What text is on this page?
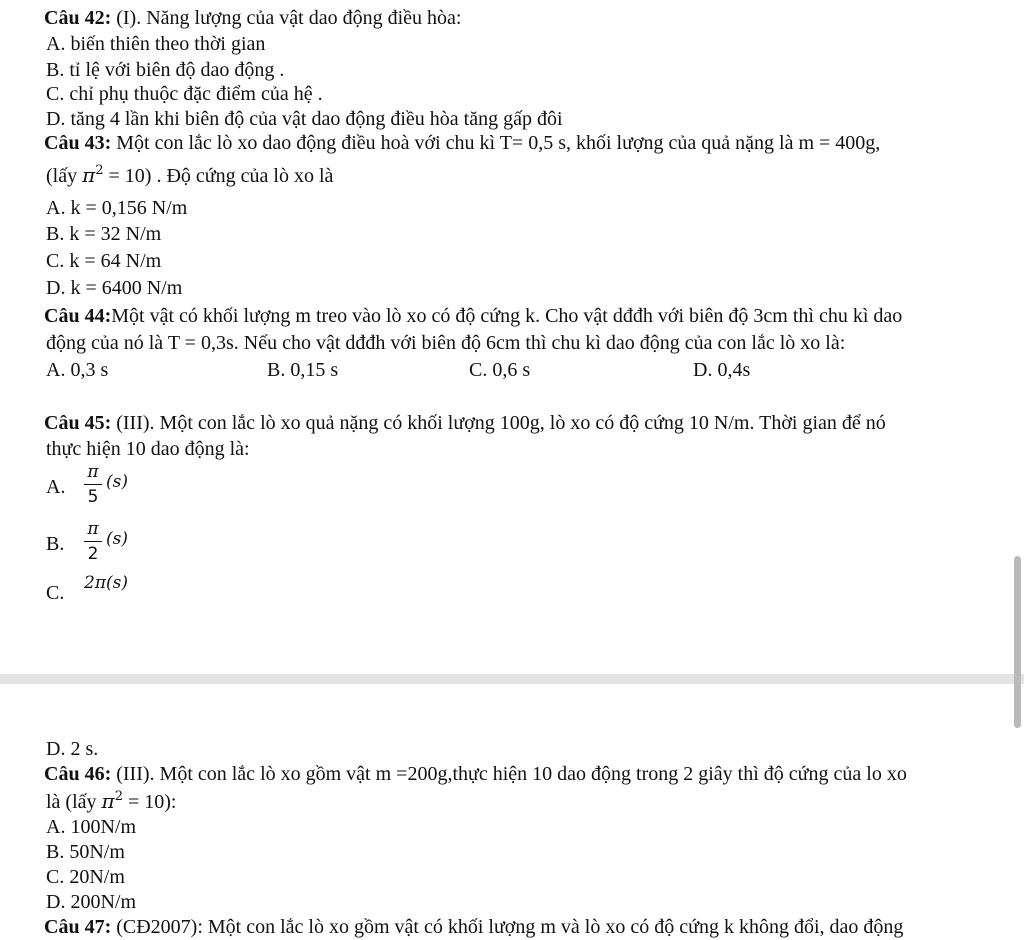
Câu 42: (I). Năng lượng của vật dao động điều hòa:
A. biến thiên theo thời gian
B. tỉ lệ với biên độ dao động .
C. chỉ phụ thuộc đặc điểm của hệ .
D. tăng 4 lần khi biên độ của vật dao động điều hòa tăng gấp đôi
Câu 43: Một con lắc lò xo dao động điều hoà với chu kì T= 0,5 s, khối lượng của quả nặng là m = 400g,
(lấy $\pi^2 = 10$) . Độ cứng của lò xo là
A. k = 0,156 N/m
B. k = 32 N/m
C. k = 64 N/m
D. k = 6400 N/m
Câu 44:Một vật có khối lượng m treo vào lò xo có độ cứng k. Cho vật dđđh với biên độ 3cm thì chu kì dao
động của nó là T = 0,3s. Nếu cho vật dđđh với biên độ 6cm thì chu kì dao động của con lắc lò xo là:
A. 0,3 s	B. 0,15 s	C. 0,6 s	D. 0,4s
Câu 45: (III). Một con lắc lò xo quả nặng có khối lượng 100g, lò xo có độ cứng 10 N/m. Thời gian để nó
thực hiện 10 dao động là:
A.
π
5
(s)
B.
π
2
(s)
C. 2π(s)
D. 2 s.
Câu 46: (III). Một con lắc lò xo gồm vật m =200g,thực hiện 10 dao động trong 2 giây thì độ cứng của lo xo
là (lấy $\pi^2 = 10$):
A. 100N/m
B. 50N/m
C. 20N/m
D. 200N/m
Câu 47: (CĐ2007): Một con lắc lò xo gồm vật có khối lượng m và lò xo có độ cứng k không đổi, dao động
